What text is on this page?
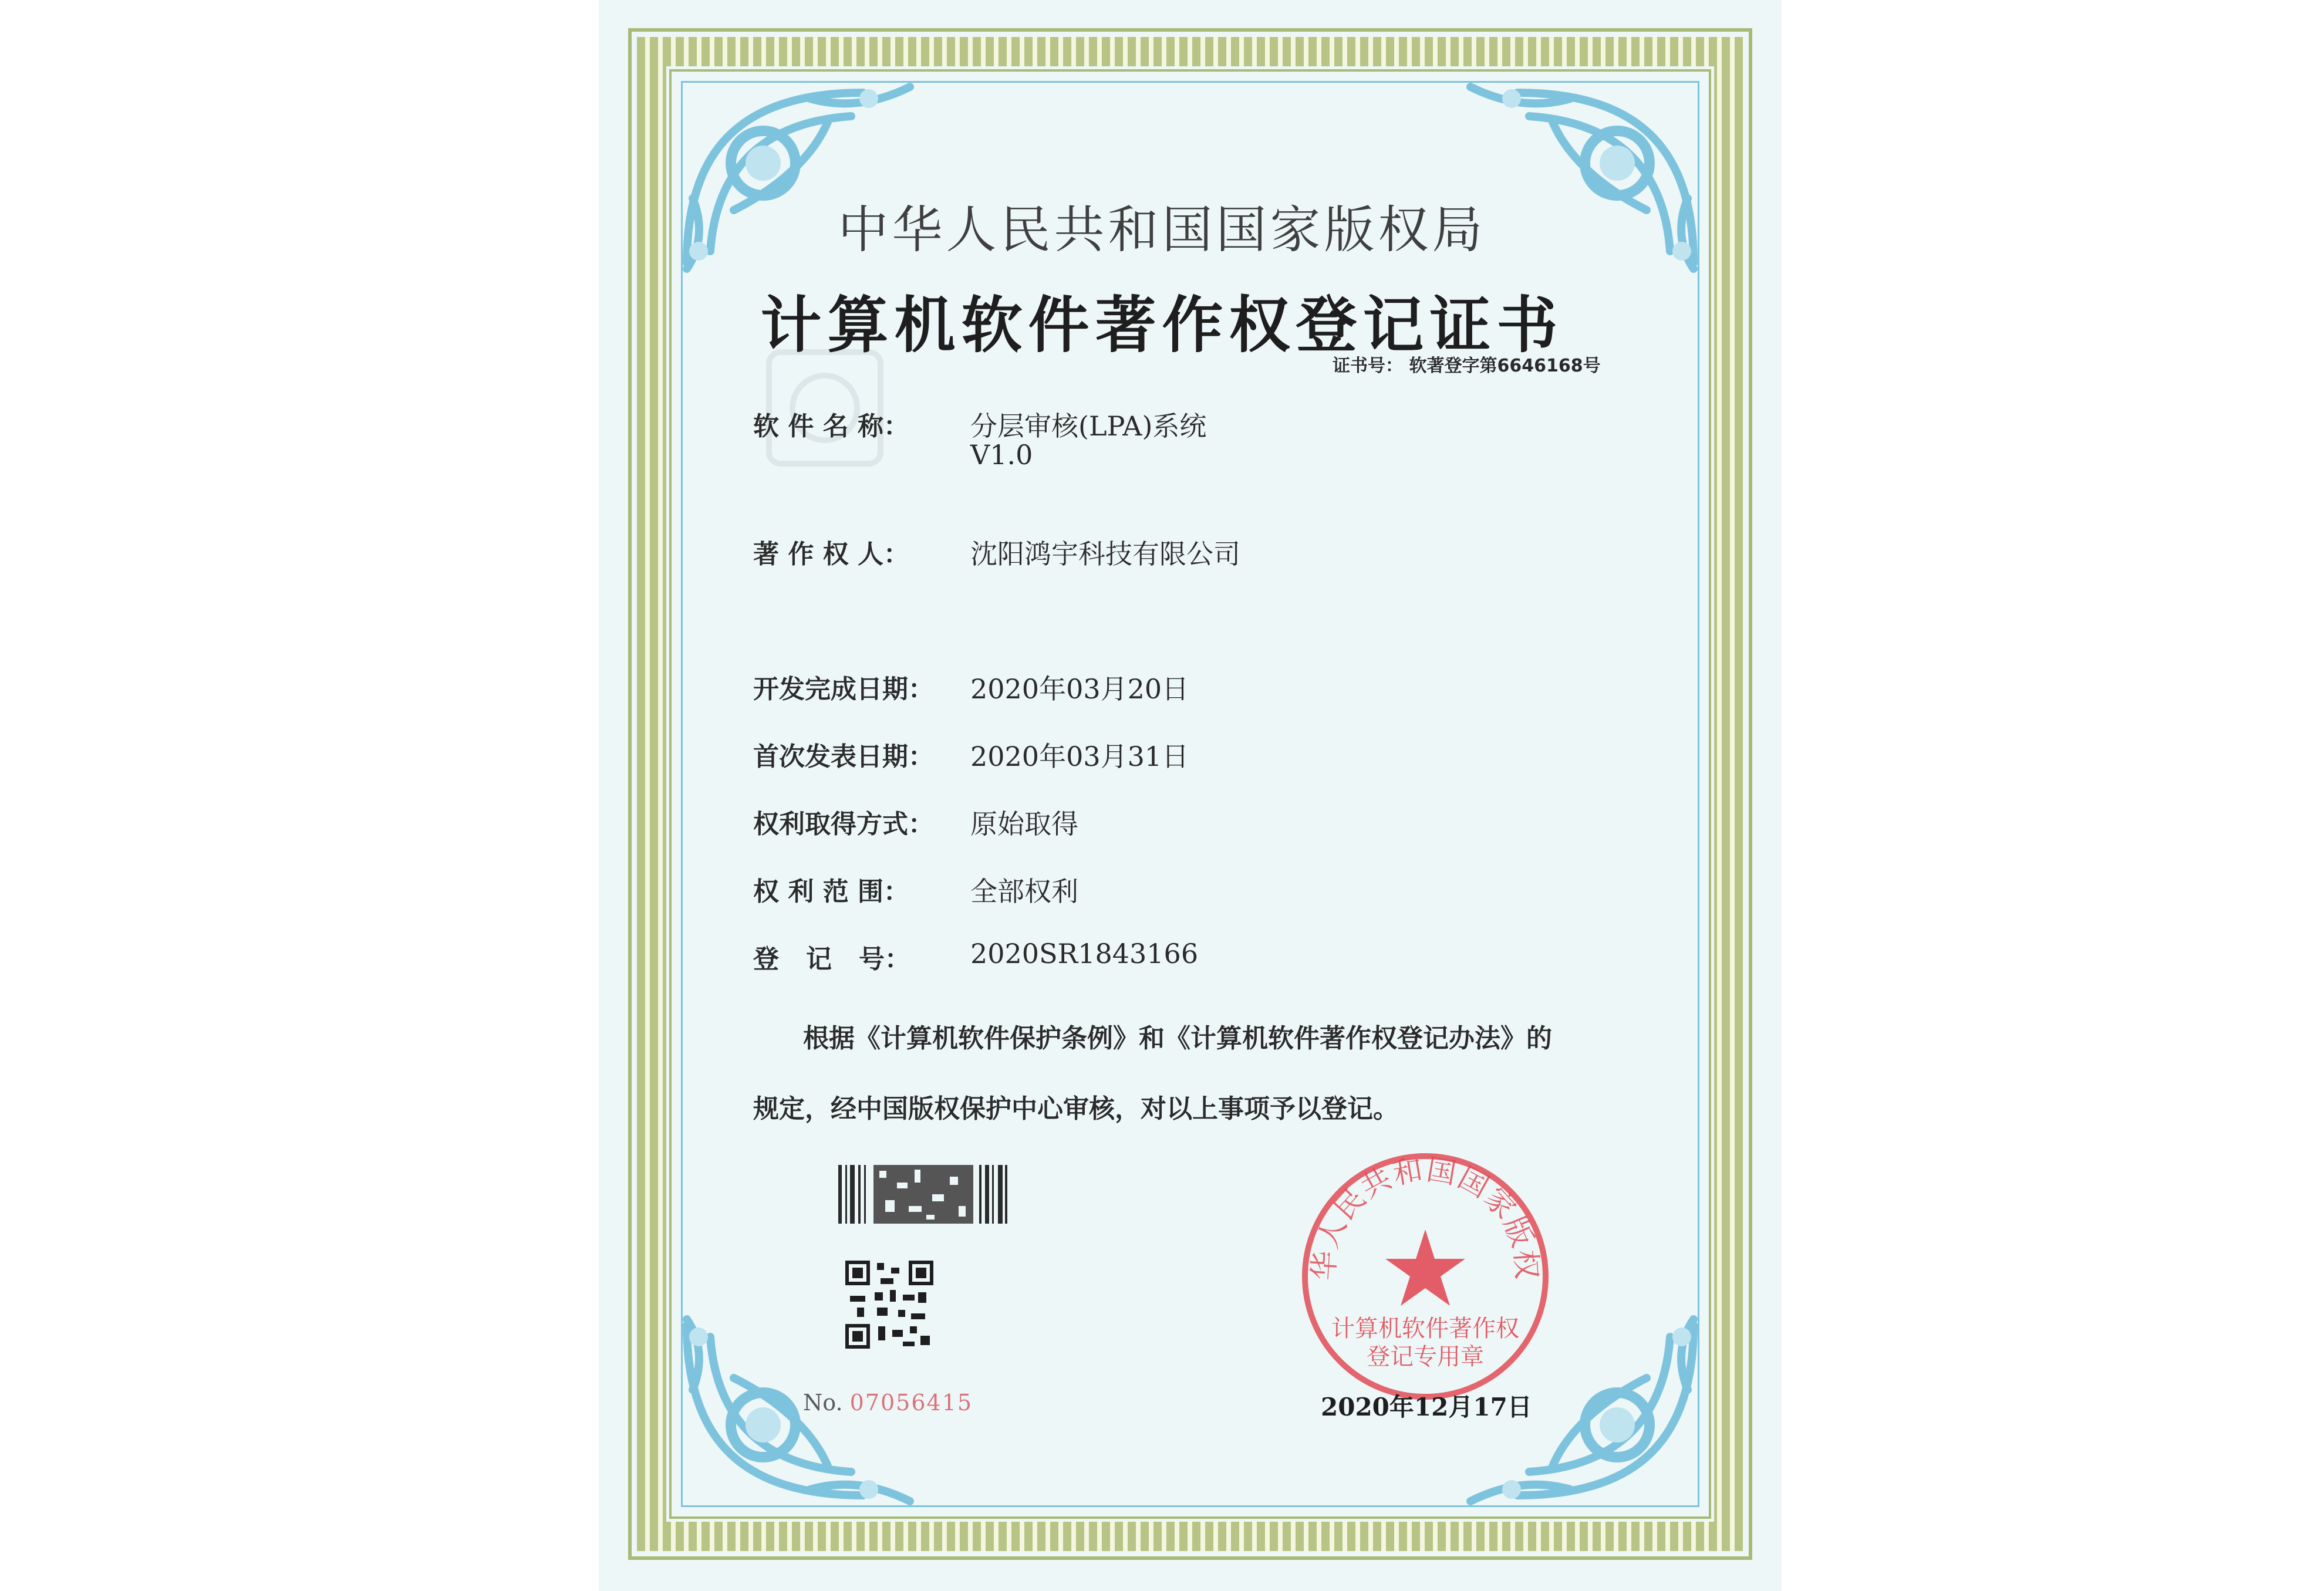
中华人民共和国国家版权局
计算机软件著作权登记证书
证书号： 软著登字第6646168号
软 件 名 称： 分层审核(LPA)系统
V1.0
著 作 权 人： 沈阳鸿宇科技有限公司
开发完成日期： 2020年03月20日
首次发表日期： 2020年03月31日
权利取得方式： 原始取得
权 利 范 围： 全部权利
登   记   号： 2020SR1843166
根据《计算机软件保护条例》和《计算机软件著作权登记办法》的
规定，经中国版权保护中心审核，对以上事项予以登记。
No. 07056415
华人民共和国国家版权
计算机软件著作权
登记专用章
2020年12月17日
